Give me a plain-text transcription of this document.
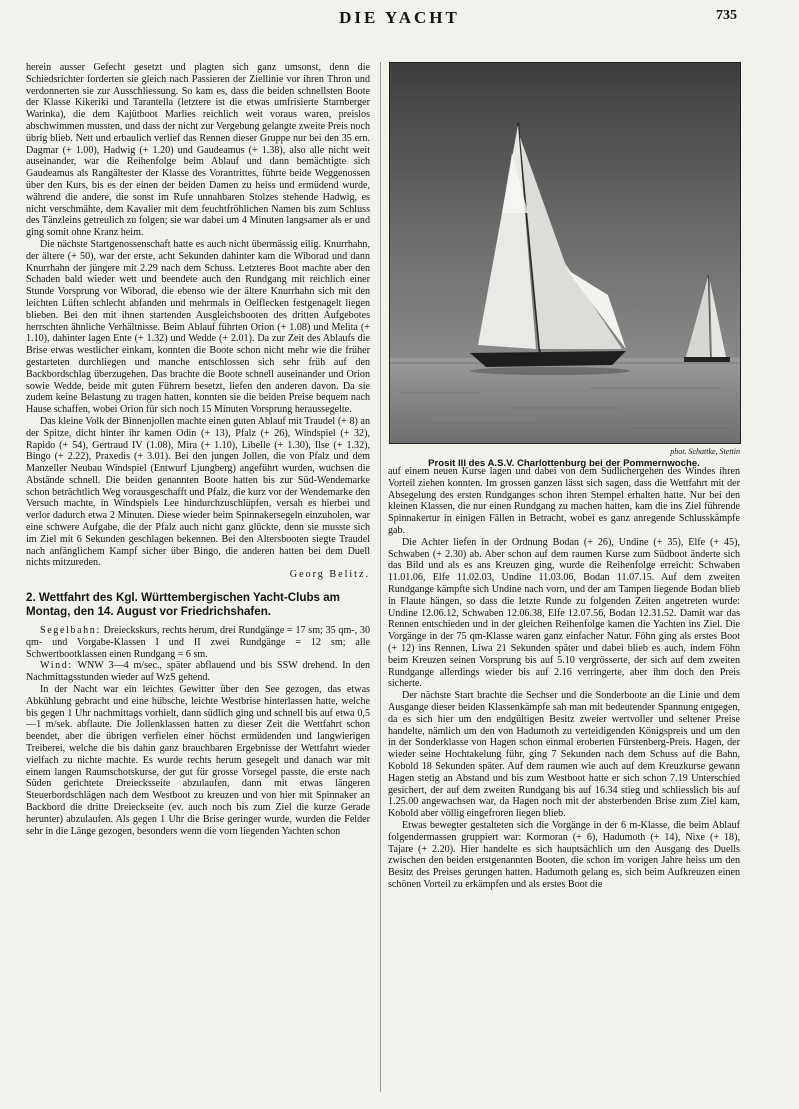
DIE YACHT	735

herein ausser Gefecht gesetzt und plagten sich ganz umsonst, denn die Schiedsrichter forderten sie gleich nach Passieren der Ziellinie vor ihren Thron und verdonnerten sie zur Ausschliessung. So kam es, dass die beiden schnellsten Boote der Klasse Kikeriki und Tarantella (letztere ist die etwas umfrisierte Starnberger Warinka), die dem Kajütboot Marlies reichlich weit voraus waren, preislos abschwimmen mussten, und dass der nicht zur Vergebung gelangte zweite Preis noch übrig blieb. Nett und erbaulich verlief das Rennen dieser Gruppe nur bei den 35 ern. Dagmar (+ 1.00), Hadwig (+ 1.20) und Gaudeamus (+ 1.38), also alle nicht weit auseinander, war die Reihenfolge beim Ablauf und dann bemächtigte sich Gaudeamus als Rangältester der Klasse des Vorantrittes, führte beide Weggenossen über den Kurs, bis es der einen der beiden Damen zu heiss und ermüdend wurde, während die andere, die sonst im Rufe unnahbaren Stolzes stehende Hadwig, es nicht verschmähte, dem Kavalier mit dem feuchtfröhlichen Namen bis zum Schluss des Tänzleins getreulich zu folgen; sie war dabei um 4 Minuten langsamer als er und ging somit ohne Kranz heim.

Die nächste Startgenossenschaft hatte es auch nicht übermässig eilig. Knurrhahn, der ältere (+ 50), war der erste, acht Sekunden dahinter kam die Wiborad und dann Knurrhahn der jüngere mit 2.29 nach dem Schuss. Letzteres Boot machte aber den Schaden bald wieder wett und beendete auch den Rundgang mit reichlich einer Stunde Vorsprung vor Wiborad, die ebenso wie der ältere Knurrhahn sich mit den leichten Lüften schlecht abfanden und mehrmals in Oelflecken festgenagelt liegen blieben. Bei den mit ihnen startenden Ausgleichsbooten des dritten Aufgebotes herrschten ähnliche Verhältnisse. Beim Ablauf führten Orion (+ 1.08) und Melita (+ 1.10), dahinter lagen Ente (+ 1.32) und Wedde (+ 2.01). Da zur Zeit des Ablaufs die Brise etwas westlicher einkam, konnten die Boote schon nicht mehr wie die früher gestarteten durchliegen und manche entschlossen sich sehr früh auf den Backbordschlag überzugehen. Das brachte die Boote schnell auseinander und Orion sowie Wedde, beide mit guten Führern besetzt, liefen den anderen davon. Da sie zudem keine Belastung zu tragen hatten, konnten sie die beiden Preise bequem nach Hause schaffen, wobei Orion für sich noch 15 Minuten Vorsprung heraussegelte.

Das kleine Volk der Binnenjollen machte einen guten Ablauf mit Traudel (+ 8) an der Spitze, dicht hinter ihr kamen Odin (+ 13), Pfalz (+ 26), Windspiel (+ 32), Rapido (+ 54), Gertraud IV (1.08), Mira (+ 1.10), Libelle (+ 1.30), Ilse (+ 1.32), Bingo (+ 2.22), Praxedis (+ 3.01). Bei den jungen Jollen, die von Pfalz und dem Manzeller Neubau Windspiel (Entwurf Ljungberg) angeführt wurden, wuchsen die Abstände schnell. Die beiden genannten Boote hatten bis zur Süd-Wendemarke schon beträchtlich Weg vorausgeschafft und Pfalz, die kurz vor der Wendemarke den Versuch machte, in Windspiels Lee hindurchzuschlüpfen, versah es hierbei und verlor dadurch etwa 2 Minuten. Diese wieder beim Spinnakersegeln einzuholen, war eine schwere Aufgabe, die der Pfalz auch nicht ganz glückte, denn sie musste sich im Ziel mit 6 Sekunden geschlagen bekennen. Bei den Altersbooten siegte Traudel nach anfänglichem Kampf sicher über Bingo, die anderen hatten bei dem Duell nichts mitzureden.

Georg Belitz.

2. Wettfahrt des Kgl. Württembergischen Yacht-Clubs am Montag, den 14. August vor Friedrichshafen.

Segelbahn: Dreieckskurs, rechts herum, drei Rundgänge = 17 sm; 35 qm-, 30 qm- und Vorgabe-Klassen I und II zwei Rundgänge = 12 sm; alle Schwertbootklassen einen Rundgang = 6 sm.

Wind: WNW 3—4 m/sec., später abflauend und bis SSW drehend. In den Nachmittagsstunden wieder auf WzS gehend.

In der Nacht war ein leichtes Gewitter über den See gezogen, das etwas Abkühlung gebracht und eine hübsche, leichte Westbrise hinterlassen hatte, welche bis gegen 1 Uhr nachmittags vorhielt, dann südlich ging und schnell bis auf etwa 0,5—1 m/sek. abflaute. Die Jollenklassen hatten zu dieser Zeit die Wettfahrt schon beendet, aber die übrigen verfielen einer höchst ermüdenden und langwierigen Treiberei, welche die bis dahin ganz brauchbaren Ergebnisse der Wettfahrt wieder vielfach zu nichte machte. Es wurde rechts herum gesegelt und danach war mit einem langen Raumschotskurse, der gut für grosse Vorsegel passte, die erste nach Süden gerichtete Dreiecksseite abzulaufen, dann mit etwas längeren Steuerbordschlägen nach dem Westboot zu kreuzen und von hier mit Spinnaker an Backbord die dritte Dreieckseite (ev. auch noch bis zum Ziel die kurze Gerade herunter) abzulaufen. Als gegen 1 Uhr die Brise geringer wurde, wurden die Felder sehr in die Länge gezogen, besonders wenn die vorn liegenden Yachten schon

phot. Schattke, Stettin
Prosit III des A.S.V. Charlottenburg bei der Pommernwoche.

auf einem neuen Kurse lagen und dabei von dem Südlichergehen des Windes ihren Vorteil ziehen konnten. Im grossen ganzen lässt sich sagen, dass die Wettfahrt mit der Absegelung des ersten Rundganges schon ihren Stempel erhalten hatte. Nur bei den kleinen Klassen, die nur einen Rundgang zu machen hatten, kam die ins Ziel führende Spinnakertur in einigen Fällen in Betracht, wobei es ganz anregende Schlusskämpfe gab.

Die Achter liefen in der Ordnung Bodan (+ 26), Undine (+ 35), Elfe (+ 45), Schwaben (+ 2.30) ab. Aber schon auf dem raumen Kurse zum Südboot änderte sich das Bild und als es ans Kreuzen ging, wurde die Reihenfolge erreicht: Schwaben 11.01.06, Elfe 11.02.03, Undine 11.03.06, Bodan 11.07.15. Auf dem zweiten Rundgange kämpfte sich Undine nach vorn, und der am Tampen liegende Bodan blieb in Flaute hängen, so dass die letzte Runde zu folgenden Zeiten angetreten wurde: Undine 12.06.12, Schwaben 12.06.38, Elfe 12.07.56, Bodan 12.31.52. Damit war das Rennen entschieden und in der gleichen Reihenfolge kamen die Yachten ins Ziel. Die Vorgänge in der 75 qm-Klasse waren ganz einfacher Natur. Föhn ging als erstes Boot (+ 12) ins Rennen, Liwa 21 Sekunden später und dabei blieb es auch, indem Föhn beim Kreuzen seinen Vorsprung bis auf 5.10 vergrösserte, der sich auf dem zweiten Rundgange allerdings wieder bis auf 2.16 verringerte, aber ihm doch den Preis sicherte.

Der nächste Start brachte die Sechser und die Sonderboote an die Linie und dem Ausgange dieser beiden Klassenkämpfe sah man mit bedeutender Spannung entgegen, da es sich hier um den endgültigen Besitz zweier wertvoller und seltener Preise handelte, nämlich um den von Hadumoth zu verteidigenden Königspreis und um den in der Sonderklasse von Hagen schon einmal eroberten Fürstenberg-Preis. Hagen, der wieder seine Hochtakelung führ, ging 7 Sekunden nach dem Schuss auf die Bahn, Kobold 18 Sekunden später. Auf dem raumen wie auch auf dem Kreuzkurse gewann Hagen stetig an Abstand und bis zum Westboot hatte er sich schon 7.19 Unterschied gesichert, der auf dem zweiten Rundgang bis auf 16.34 stieg und schliesslich bis auf 1.25.00 angewachsen war, da Hagen noch mit der absterbenden Brise zum Ziel kam, Kobold aber völlig eingefroren liegen blieb.

Etwas bewegter gestalteten sich die Vorgänge in der 6 m-Klasse, die beim Ablauf folgendermassen gruppiert war: Kormoran (+ 6), Hadumoth (+ 14), Nixe (+ 18), Tajare (+ 2.20). Hier handelte es sich hauptsächlich um den Ausgang des Duells zwischen den beiden erstgenannten Booten, die schon im vorigen Jahre heiss um den Besitz des Preises gerungen hatten. Hadumoth gelang es, sich beim Aufkreuzen einen schönen Vorteil zu erkämpfen und als erstes Boot die
